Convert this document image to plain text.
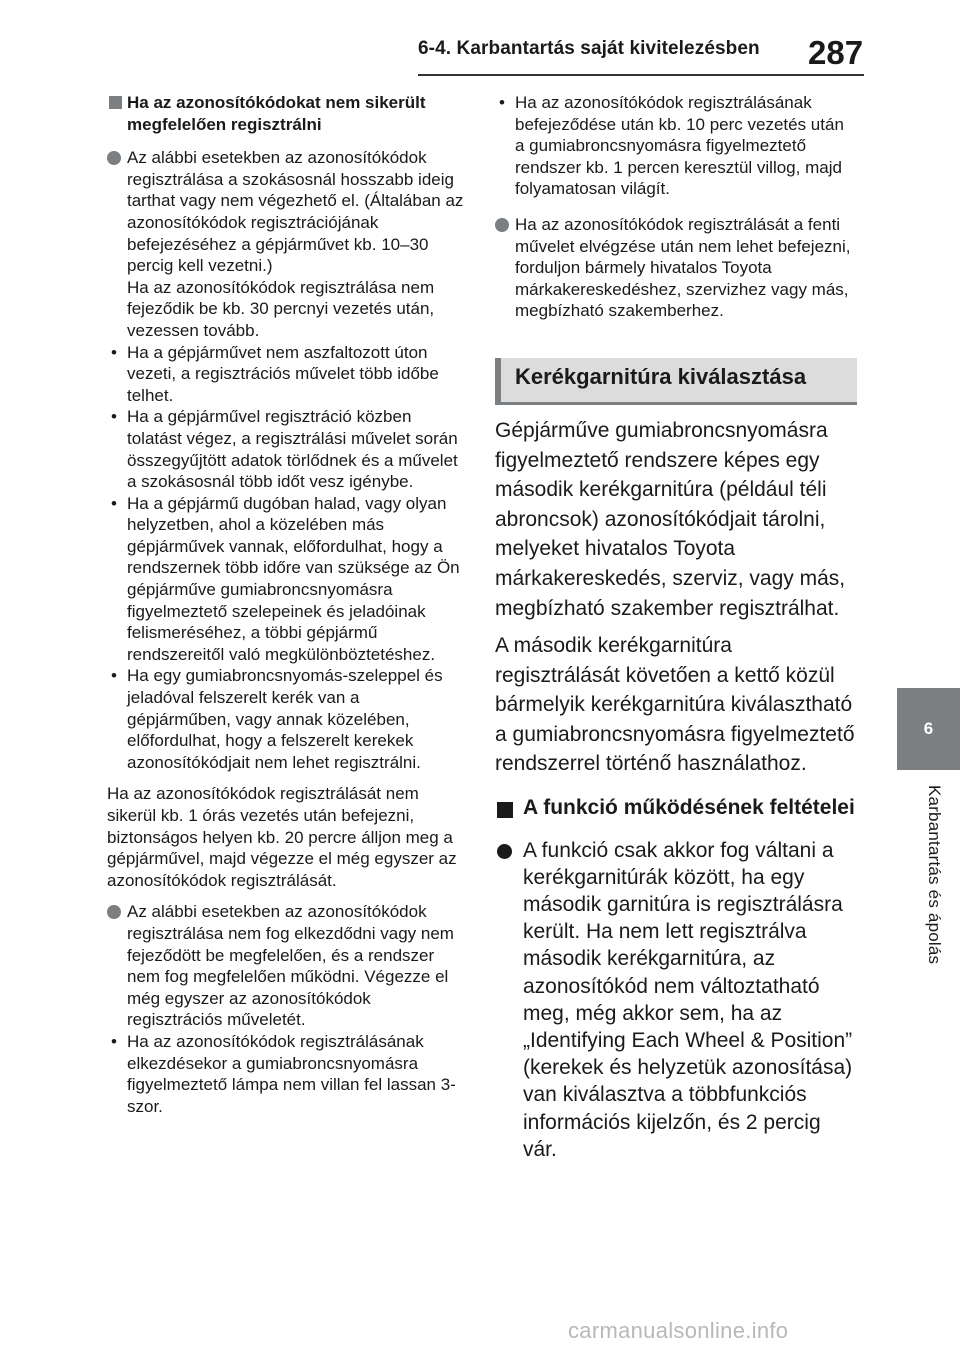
6-4. Karbantartás saját kivitelezésben 287
6
Karbantartás és ápolás
Ha az azonosítókódokat nem sikerült megfelelően regisztrálni
Az alábbi esetekben az azonosítókódok regisztrálása a szokásosnál hosszabb ideig tarthat vagy nem végezhető el. (Általában az azonosítókódok regisztrációjának befejezéséhez a gépjárművet kb. 10–30 percig kell vezetni.)
Ha az azonosítókódok regisztrálása nem fejeződik be kb. 30 percnyi vezetés után, vezessen tovább.
• Ha a gépjárművet nem aszfaltozott úton vezeti, a regisztrációs művelet több időbe telhet.
• Ha a gépjárművel regisztráció közben tolatást végez, a regisztrálási művelet során összegyűjtött adatok törlődnek és a művelet a szokásosnál több időt vesz igénybe.
• Ha a gépjármű dugóban halad, vagy olyan helyzetben, ahol a közelében más gépjárművek vannak, előfordulhat, hogy a rendszernek több időre van szüksége az Ön gépjárműve gumiabroncsnyomásra figyelmeztető szelepeinek és jeladóinak felismeréséhez, a többi gépjármű rendszereitől való megkülönböztetéshez.
• Ha egy gumiabroncsnyomás-szeleppel és jeladóval felszerelt kerék van a gépjárműben, vagy annak közelében, előfordulhat, hogy a felszerelt kerekek azonosítókódjait nem lehet regisztrálni.
Ha az azonosítókódok regisztrálását nem sikerül kb. 1 órás vezetés után befejezni, biztonságos helyen kb. 20 percre álljon meg a gépjárművel, majd végezze el még egyszer az azonosítókódok regisztrálását.
Az alábbi esetekben az azonosítókódok regisztrálása nem fog elkezdődni vagy nem fejeződött be megfelelően, és a rendszer nem fog megfelelően működni. Végezze el még egyszer az azonosítókódok regisztrációs műveletét.
• Ha az azonosítókódok regisztrálásának elkezdésekor a gumiabroncsnyomásra figyelmeztető lámpa nem villan fel lassan 3-szor.
• Ha az azonosítókódok regisztrálásának befejeződése után kb. 10 perc vezetés után a gumiabroncsnyomásra figyelmeztető rendszer kb. 1 percen keresztül villog, majd folyamatosan világít.
Ha az azonosítókódok regisztrálását a fenti művelet elvégzése után nem lehet befejezni, forduljon bármely hivatalos Toyota márkakereskedéshez, szervizhez vagy más, megbízható szakemberhez.
Kerékgarnitúra kiválasztása
Gépjárműve gumiabroncsnyomásra figyelmeztető rendszere képes egy második kerékgarnitúra (például téli abroncsok) azonosítókódjait tárolni, melyeket hivatalos Toyota márkakereskedés, szerviz, vagy más, megbízható szakember regisztrálhat.
A második kerékgarnitúra regisztrálását követően a kettő közül bármelyik kerékgarnitúra kiválasztható a gumiabroncsnyomásra figyelmeztető rendszerrel történő használathoz.
A funkció működésének feltételei
A funkció csak akkor fog váltani a kerékgarnitúrák között, ha egy második garnitúra is regisztrálásra került. Ha nem lett regisztrálva második kerékgarnitúra, az azonosítókód nem változtatható meg, még akkor sem, ha az „Identifying Each Wheel & Position” (kerekek és helyzetük azonosítása) van kiválasztva a többfunkciós információs kijelzőn, és 2 percig vár.
carmanualsonline.info
